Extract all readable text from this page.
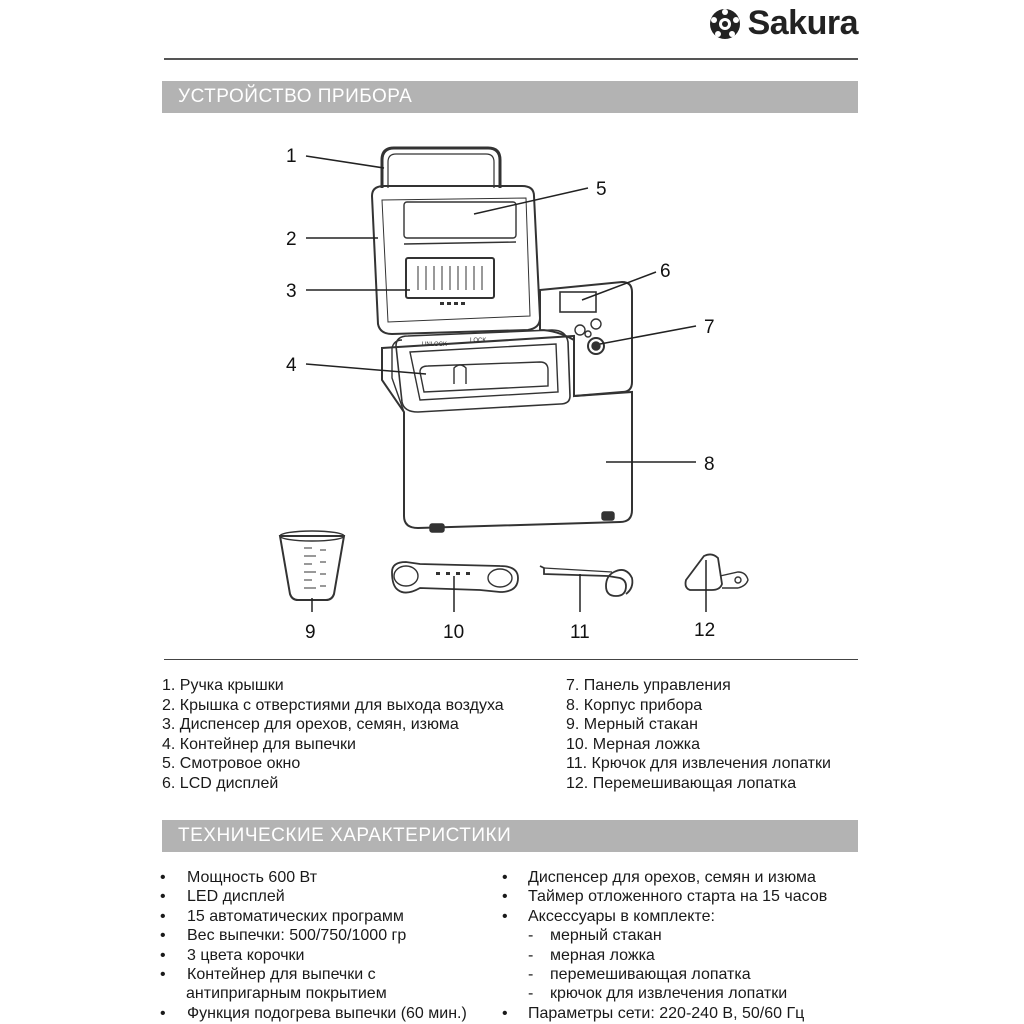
Sakura
УСТРОЙСТВО ПРИБОРА
UNLOCK
LOCK
1
2
3
4
5
6
7
8
9	10	11	12
1. Ручка крышки
2. Крышка с отверстиями для выхода воздуха
3. Диспенсер для орехов, семян, изюма
4. Контейнер для выпечки
5. Смотровое окно
6. LCD дисплей
7. Панель управления
8. Корпус прибора
9. Мерный стакан
10. Мерная ложка
11. Крючок для извлечения лопатки
12. Перемешивающая лопатка
ТЕХНИЧЕСКИЕ ХАРАКТЕРИСТИКИ
•	Мощность 600 Вт
•	LED дисплей
•	15 автоматических программ
•	Вес выпечки: 500/750/1000 гр
•	3 цвета корочки
•	Контейнер для выпечки с
антипригарным покрытием
•	Функция подогрева выпечки (60 мин.)
•	Диспенсер для орехов, семян и изюма
•	Таймер отложенного старта на 15 часов
•	Аксессуары в комплекте:
-	мерный стакан
-	мерная ложка
-	перемешивающая лопатка
-	крючок для извлечения лопатки
•	Параметры сети: 220-240 В, 50/60 Гц
